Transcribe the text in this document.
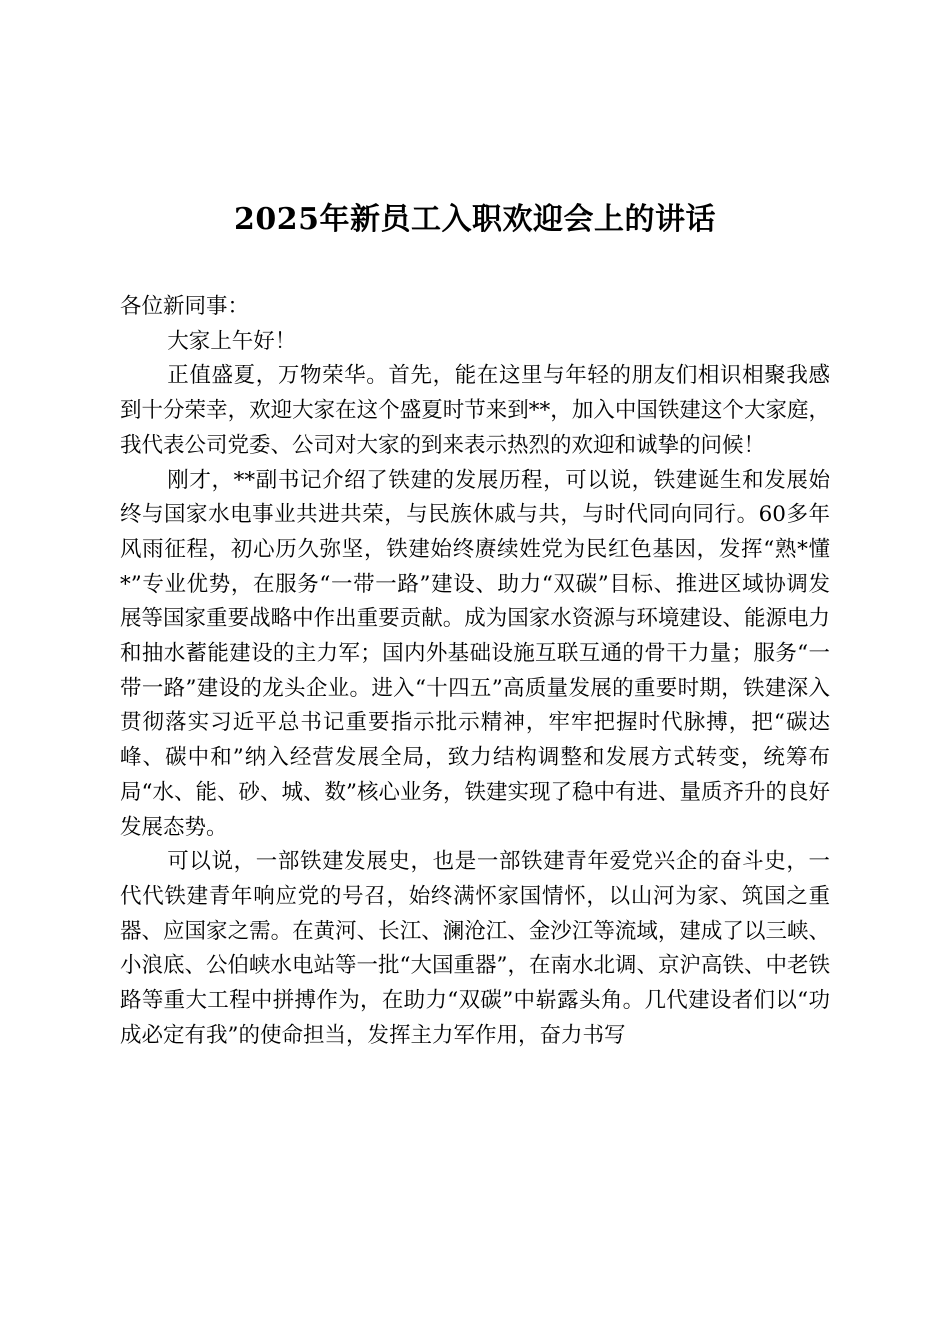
2025年新员工入职欢迎会上的讲话

各位新同事：

大家上午好！

正值盛夏，万物荣华。首先，能在这里与年轻的朋友们相识相聚我感到十分荣幸，欢迎大家在这个盛夏时节来到**，加入中国铁建这个大家庭，我代表公司党委、公司对大家的到来表示热烈的欢迎和诚挚的问候！

刚才，**副书记介绍了铁建的发展历程，可以说，铁建诞生和发展始终与国家水电事业共进共荣，与民族休戚与共，与时代同向同行。60多年风雨征程，初心历久弥坚，铁建始终赓续姓党为民红色基因，发挥“熟*懂*”专业优势，在服务“一带一路”建设、助力“双碳”目标、推进区域协调发展等国家重要战略中作出重要贡献。成为国家水资源与环境建设、能源电力和抽水蓄能建设的主力军；国内外基础设施互联互通的骨干力量；服务“一带一路”建设的龙头企业。进入“十四五”高质量发展的重要时期，铁建深入贯彻落实习近平总书记重要指示批示精神，牢牢把握时代脉搏，把“碳达峰、碳中和”纳入经营发展全局，致力结构调整和发展方式转变，统筹布局“水、能、砂、城、数”核心业务，铁建实现了稳中有进、量质齐升的良好发展态势。

可以说，一部铁建发展史，也是一部铁建青年爱党兴企的奋斗史，一代代铁建青年响应党的号召，始终满怀家国情怀，以山河为家、筑国之重器、应国家之需。在黄河、长江、澜沧江、金沙江等流域，建成了以三峡、小浪底、公伯峡水电站等一批“大国重器”，在南水北调、京沪高铁、中老铁路等重大工程中拼搏作为，在助力“双碳”中崭露头角。几代建设者们以“功成必定有我”的使命担当，发挥主力军作用，奋力书写
